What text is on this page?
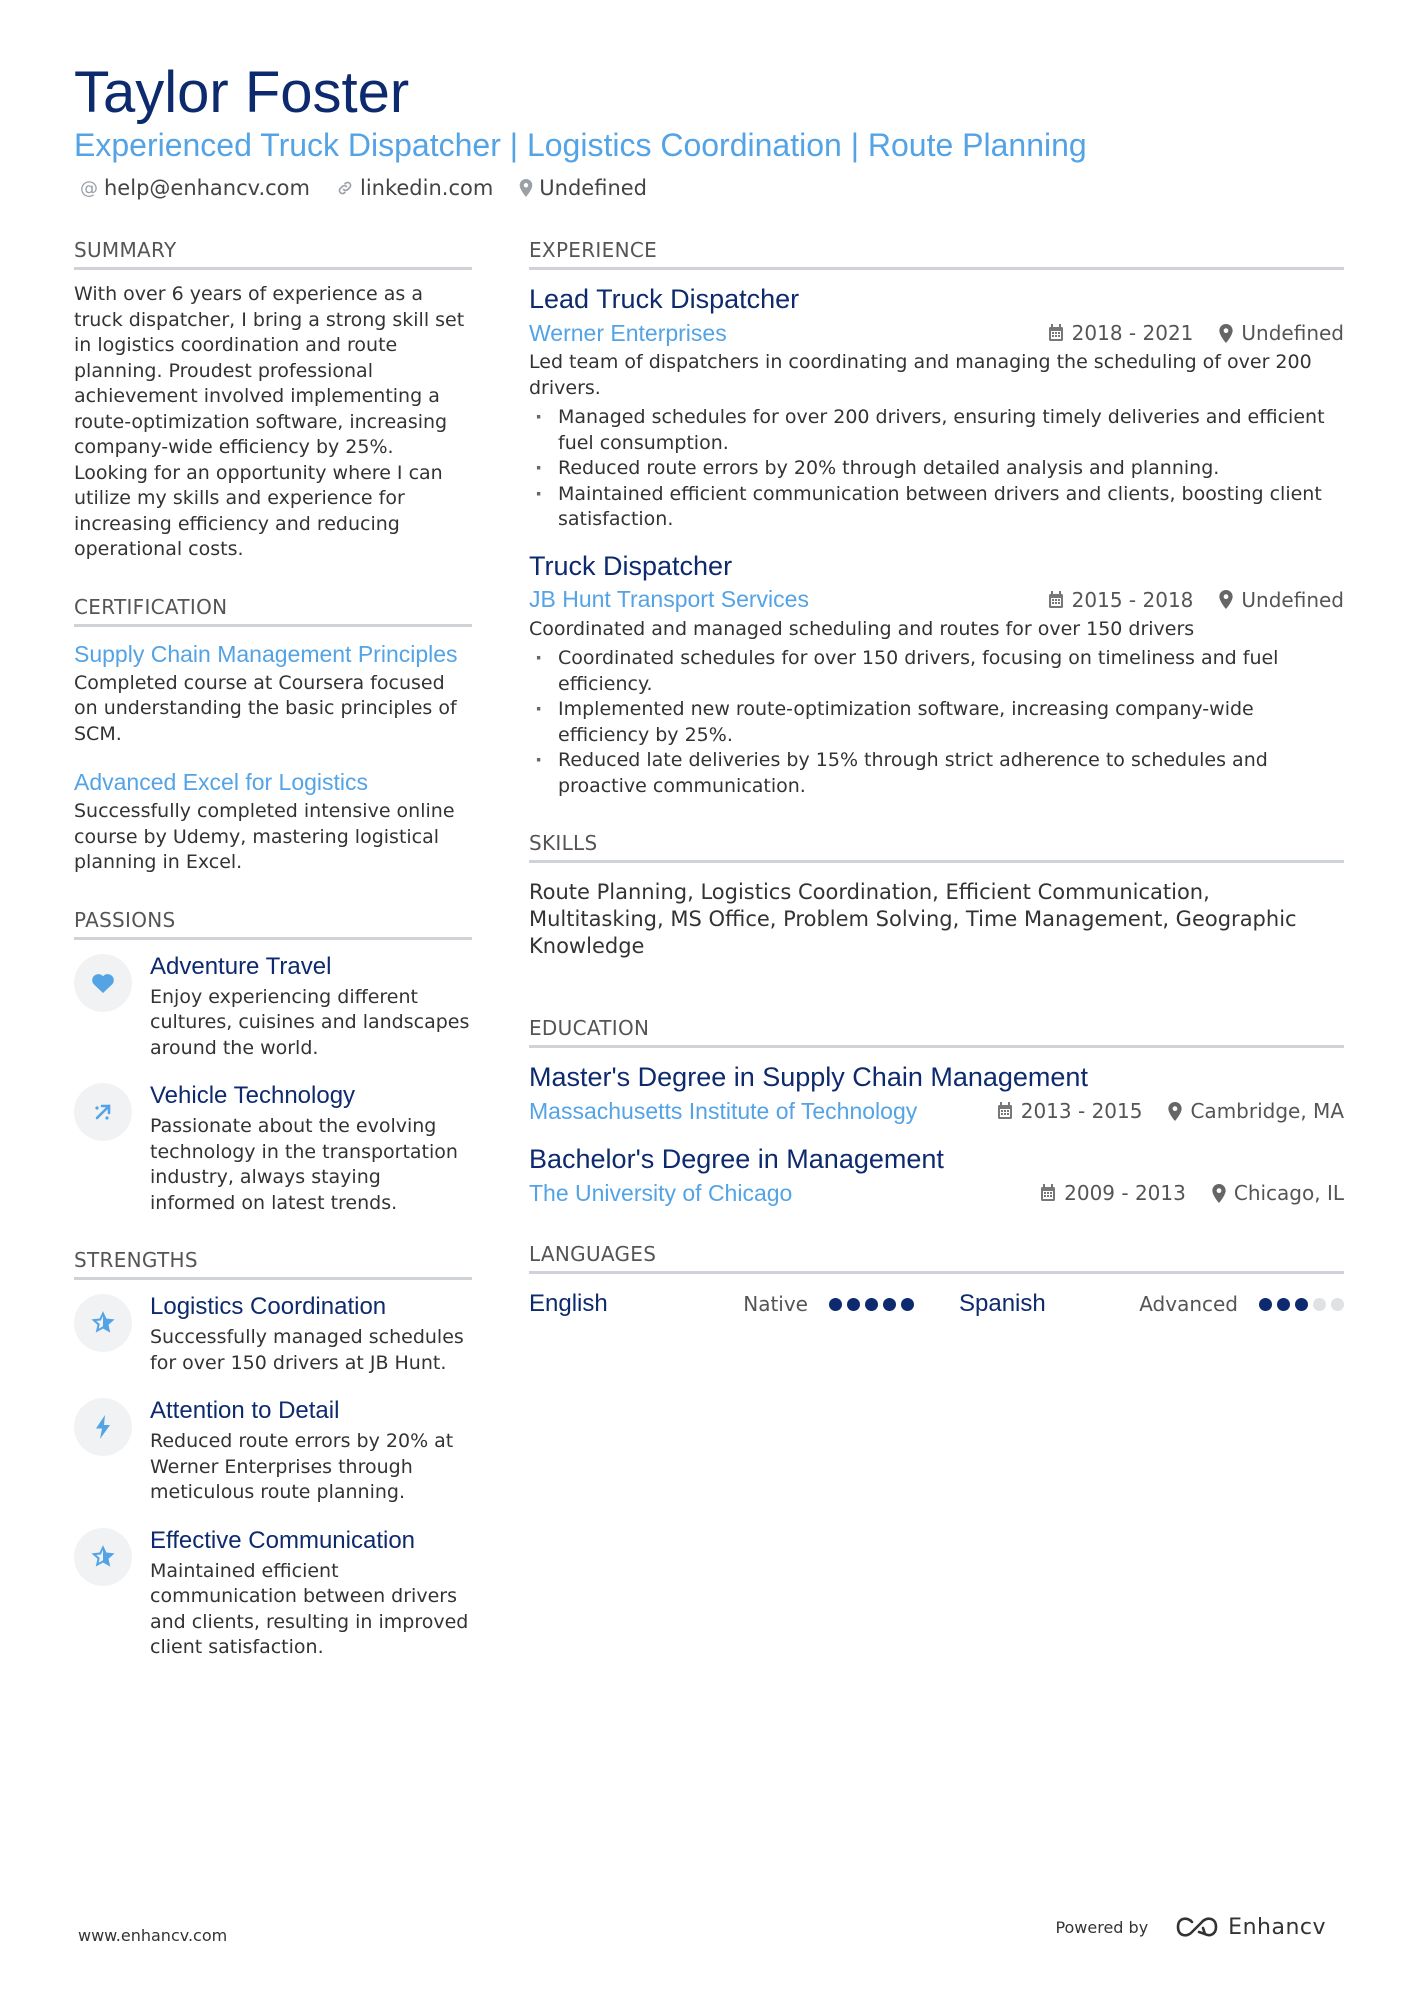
Taylor Foster
Experienced Truck Dispatcher | Logistics Coordination | Route Planning
@ help@enhancv.com linkedin.com Undefined
SUMMARY
With over 6 years of experience as a truck dispatcher, I bring a strong skill set in logistics coordination and route planning. Proudest professional achievement involved implementing a route-optimization software, increasing company-wide efficiency by 25%. Looking for an opportunity where I can utilize my skills and experience for increasing efficiency and reducing operational costs.
CERTIFICATION
Supply Chain Management Principles
Completed course at Coursera focused on understanding the basic principles of SCM.
Advanced Excel for Logistics
Successfully completed intensive online course by Udemy, mastering logistical planning in Excel.
PASSIONS
Adventure Travel
Enjoy experiencing different cultures, cuisines and landscapes around the world.
Vehicle Technology
Passionate about the evolving technology in the transportation industry, always staying informed on latest trends.
STRENGTHS
Logistics Coordination
Successfully managed schedules for over 150 drivers at JB Hunt.
Attention to Detail
Reduced route errors by 20% at Werner Enterprises through meticulous route planning.
Effective Communication
Maintained efficient communication between drivers and clients, resulting in improved client satisfaction.
EXPERIENCE
Lead Truck Dispatcher
Werner Enterprises	2018 - 2021 Undefined
Led team of dispatchers in coordinating and managing the scheduling of over 200 drivers.
· Managed schedules for over 200 drivers, ensuring timely deliveries and efficient fuel consumption.
· Reduced route errors by 20% through detailed analysis and planning.
· Maintained efficient communication between drivers and clients, boosting client satisfaction.
Truck Dispatcher
JB Hunt Transport Services	2015 - 2018 Undefined
Coordinated and managed scheduling and routes for over 150 drivers
· Coordinated schedules for over 150 drivers, focusing on timeliness and fuel efficiency.
· Implemented new route-optimization software, increasing company-wide efficiency by 25%.
· Reduced late deliveries by 15% through strict adherence to schedules and proactive communication.
SKILLS
Route Planning, Logistics Coordination, Efficient Communication, Multitasking, MS Office, Problem Solving, Time Management, Geographic Knowledge
EDUCATION
Master's Degree in Supply Chain Management
Massachusetts Institute of Technology	2013 - 2015 Cambridge, MA
Bachelor's Degree in Management
The University of Chicago	2009 - 2013 Chicago, IL
LANGUAGES
English	Native	Spanish	Advanced
www.enhancv.com	Powered by	Enhancv
